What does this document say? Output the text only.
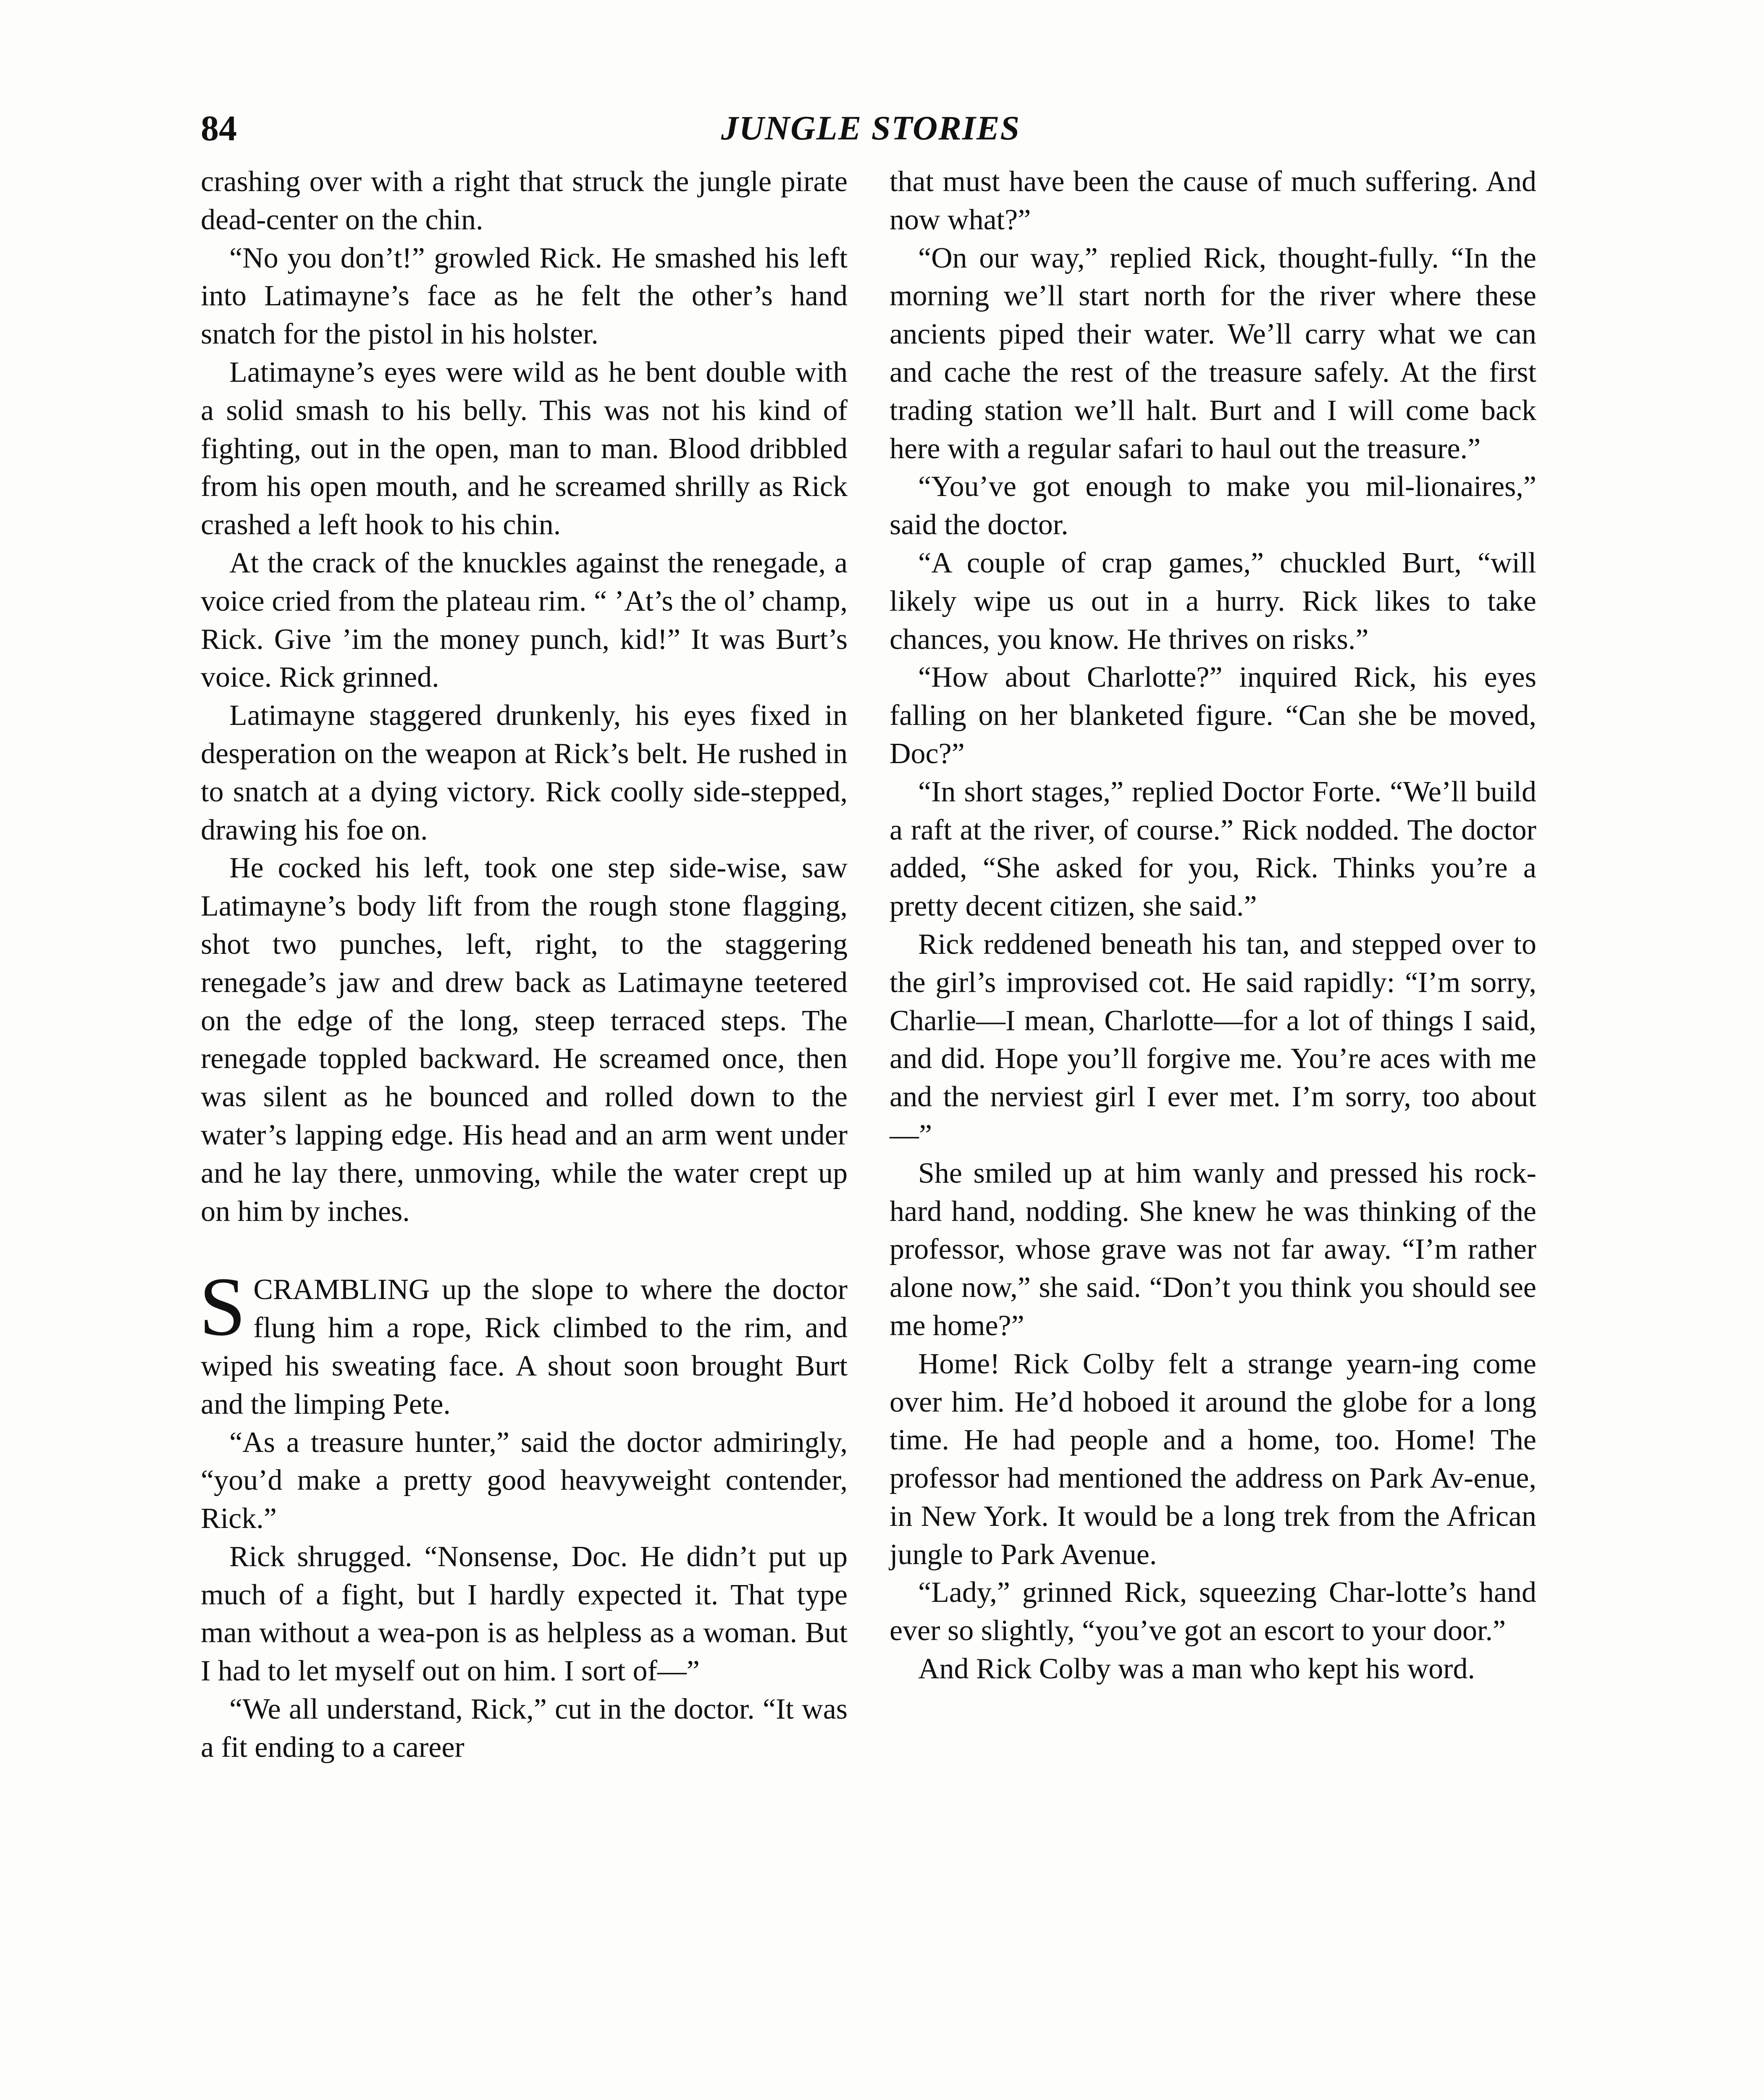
84	JUNGLE STORIES

crashing over with a right that struck the jungle pirate dead-center on the chin.

“No you don’t!” growled Rick. He smashed his left into Latimayne’s face as he felt the other’s hand snatch for the pistol in his holster.

Latimayne’s eyes were wild as he bent double with a solid smash to his belly. This was not his kind of fighting, out in the open, man to man. Blood dribbled from his open mouth, and he screamed shrilly as Rick crashed a left hook to his chin.

At the crack of the knuckles against the renegade, a voice cried from the plateau rim. “ ’At’s the ol’ champ, Rick. Give ’im the money punch, kid!” It was Burt’s voice. Rick grinned.

Latimayne staggered drunkenly, his eyes fixed in desperation on the weapon at Rick’s belt. He rushed in to snatch at a dying victory. Rick coolly side-stepped, drawing his foe on.

He cocked his left, took one step side-wise, saw Latimayne’s body lift from the rough stone flagging, shot two punches, left, right, to the staggering renegade’s jaw and drew back as Latimayne teetered on the edge of the long, steep terraced steps. The renegade toppled backward. He screamed once, then was silent as he bounced and rolled down to the water’s lapping edge. His head and an arm went under and he lay there, unmoving, while the water crept up on him by inches.

SCRAMBLING up the slope to where the doctor flung him a rope, Rick climbed to the rim, and wiped his sweating face. A shout soon brought Burt and the limping Pete.

“As a treasure hunter,” said the doctor admiringly, “you’d make a pretty good heavyweight contender, Rick.”

Rick shrugged. “Nonsense, Doc. He didn’t put up much of a fight, but I hardly expected it. That type man without a wea-pon is as helpless as a woman. But I had to let myself out on him. I sort of—”

“We all understand, Rick,” cut in the doctor. “It was a fit ending to a career

that must have been the cause of much suffering. And now what?”

“On our way,” replied Rick, thought-fully. “In the morning we’ll start north for the river where these ancients piped their water. We’ll carry what we can and cache the rest of the treasure safely. At the first trading station we’ll halt. Burt and I will come back here with a regular safari to haul out the treasure.”

“You’ve got enough to make you mil-lionaires,” said the doctor.

“A couple of crap games,” chuckled Burt, “will likely wipe us out in a hurry. Rick likes to take chances, you know. He thrives on risks.”

“How about Charlotte?” inquired Rick, his eyes falling on her blanketed figure. “Can she be moved, Doc?”

“In short stages,” replied Doctor Forte. “We’ll build a raft at the river, of course.” Rick nodded. The doctor added, “She asked for you, Rick. Thinks you’re a pretty decent citizen, she said.”

Rick reddened beneath his tan, and stepped over to the girl’s improvised cot. He said rapidly: “I’m sorry, Charlie—I mean, Charlotte—for a lot of things I said, and did. Hope you’ll forgive me. You’re aces with me and the nerviest girl I ever met. I’m sorry, too about—”

She smiled up at him wanly and pressed his rock-hard hand, nodding. She knew he was thinking of the professor, whose grave was not far away. “I’m rather alone now,” she said. “Don’t you think you should see me home?”

Home! Rick Colby felt a strange yearn-ing come over him. He’d hoboed it around the globe for a long time. He had people and a home, too. Home! The professor had mentioned the address on Park Av-enue, in New York. It would be a long trek from the African jungle to Park Avenue.

“Lady,” grinned Rick, squeezing Char-lotte’s hand ever so slightly, “you’ve got an escort to your door.”

And Rick Colby was a man who kept his word.
